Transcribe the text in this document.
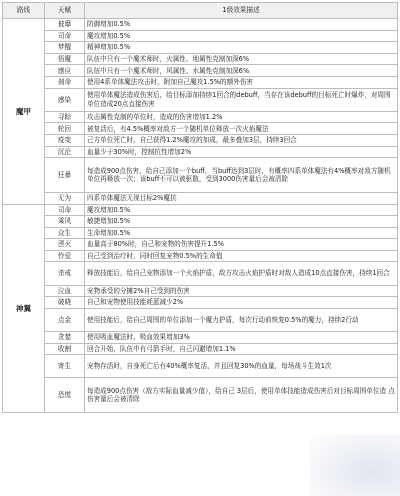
路线	天赋	1级效果描述
魔甲	披靡	防御增加0.5%
	司命	魔攻增加0.5%
	梦醒	精神增加0.5%
	悟魔	队伍中只有一个魔术师时，火属性、地属性克制加深6%
	感应	队伍中只有一个魔术师时，风属性、水属性克制加深6%
	刹命	使用4系单体魔法攻击时，附加自己魔攻1.5%的额外伤害
	感染	使用单体魔法造成伤害后，给目标添加持续1回合的debuff，当存在该debuff的目标死亡时爆炸，对周围单位造成20点直接伤害
	寻踪	攻击属性克制的单位时，造成的伤害增加1.2%
	轮回	被复活后，有4.5%概率对敌方一个随机单位释放一次火焰魔法
	疫变	己方单位死亡时，自己获得1.2%魔攻的加成，最多叠加3层，持续3回合
	沉沦	血量少于30%时，控制抗性增加2%
	狂暴	每造成900点伤害，给自己添加一个buff，当buff达到3层时，有概率四系单体魔法有4%概率对敌方随机单位再释放一次；该buff不可以被驱散，受到3000伤害量后会被清除
	无为	四系单体魔法无视目标2%魔抗
神翼	司命	魔攻增加0.5%
	乘风	敏捷增加0.5%
	众生	生命增加0.5%
	湮灭	血量高于80%时，自己和宠物的伤害提升1.5%
	怜爱	自己受到治疗时，同时回复宠物0.5%的生命值
	杀戒	释放技能后，给自己宠物添加一个火焰护盾，敌方攻击火焰护盾时对敌人造成10点直接伤害，持续1回合
	泣血	宠物承受的分摊2%自己受到的伤害
	破晓	自己和宠物使用技能耗蓝减少2%
	点金	使用技能后，给自己周围的单位添加一个魔力护盾，每次行动前恢复0.5%的魔力，持续2行动
	贪婪	使用吸血魔法时，吸血效果增加3%
	收割	回合开始，队伍中有弓箭手时，自己闪避增加1.1%
	寄生	宠物存活时，自身死亡后有40%概率复活，并且回复30%的血量，每场战斗生效1次
	恐慌	每造成900点伤害（敌方实际血量减少值），给自己 3层后，使用单体技能造成伤害后对目标周围单位造 点伤害量后会被清除
